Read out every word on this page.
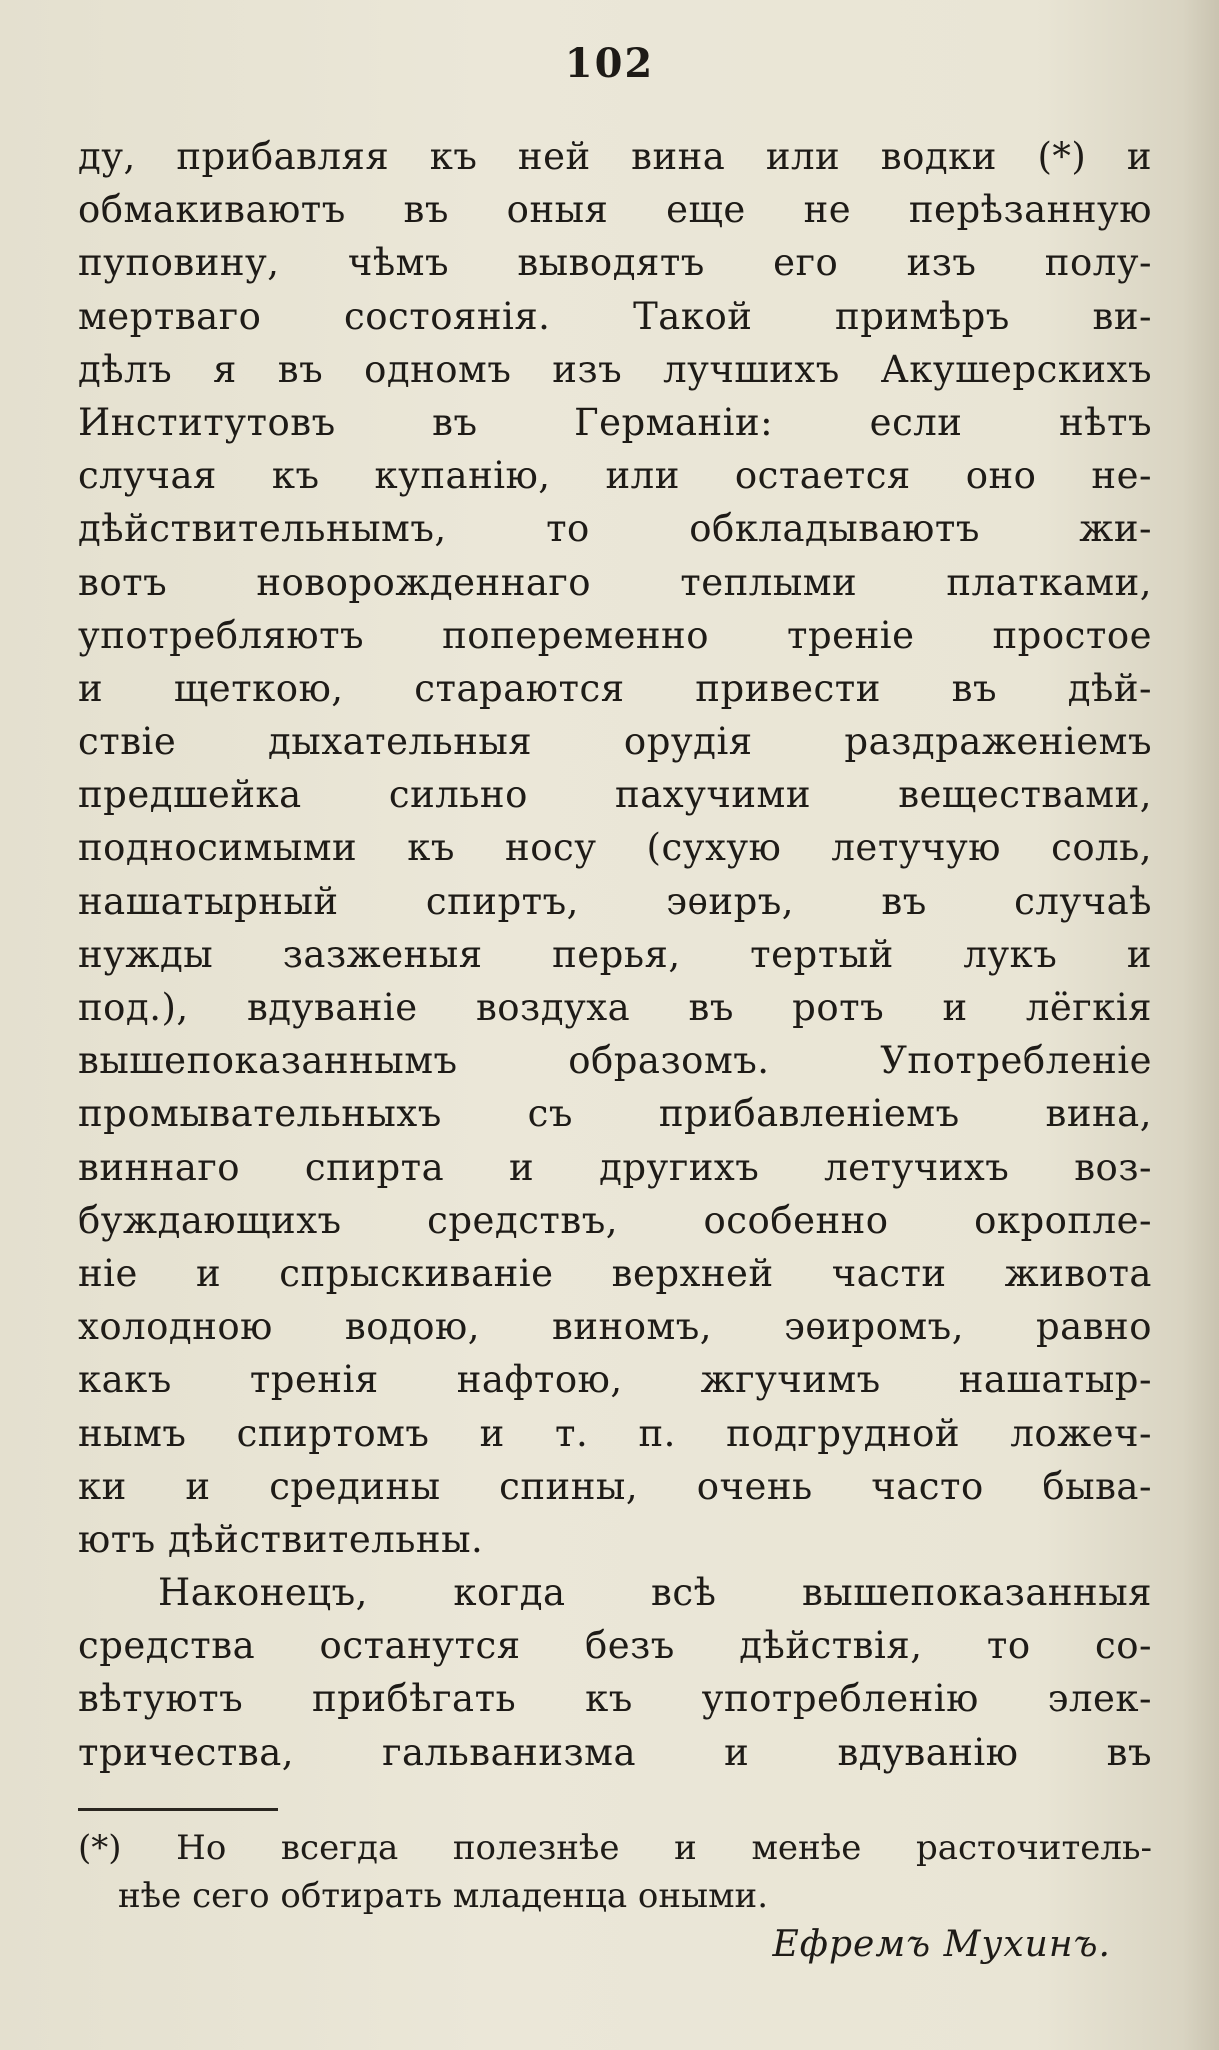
102
ду, прибавляя къ ней вина или водки (*) и
обмакиваютъ въ оныя еще не перѣзанную
пуповину, чѣмъ выводятъ его изъ полу-
мертваго состоянія. Такой примѣръ ви-
дѣлъ я въ одномъ изъ лучшихъ Акушерскихъ
Институтовъ въ Германіи: если нѣтъ
случая къ купанію, или остается оно не-
дѣйствительнымъ, то обкладываютъ жи-
вотъ новорожденнаго теплыми платками,
употребляютъ попеременно треніе простое
и щеткою, стараются привести въ дѣй-
ствіе дыхательныя орудія раздраженіемъ
предшейка сильно пахучими веществами,
подносимыми къ носу (сухую летучую соль,
нашатырный спиртъ, эѳиръ, въ случаѣ
нужды зазженыя перья, тертый лукъ и
под.), вдуваніе воздуха въ ротъ и лёгкія
вышепоказаннымъ образомъ. Употребленіе
промывательныхъ съ прибавленіемъ вина,
виннаго спирта и другихъ летучихъ воз-
буждающихъ средствъ, особенно окропле-
ніе и спрыскиваніе верхней части живота
холодною водою, виномъ, эѳиромъ, равно
какъ тренія нафтою, жгучимъ нашатыр-
нымъ спиртомъ и т. п. подгрудной ложеч-
ки и средины спины, очень часто быва-
ютъ дѣйствительны.
Наконецъ, когда всѣ вышепоказанныя
средства останутся безъ дѣйствія, то со-
вѣтуютъ прибѣгать къ употребленію элек-
тричества, гальванизма и вдуванію въ
(*) Но всегда полезнѣе и менѣе расточитель-
нѣе сего обтирать младенца оными.
Ефремъ Мухинъ.
